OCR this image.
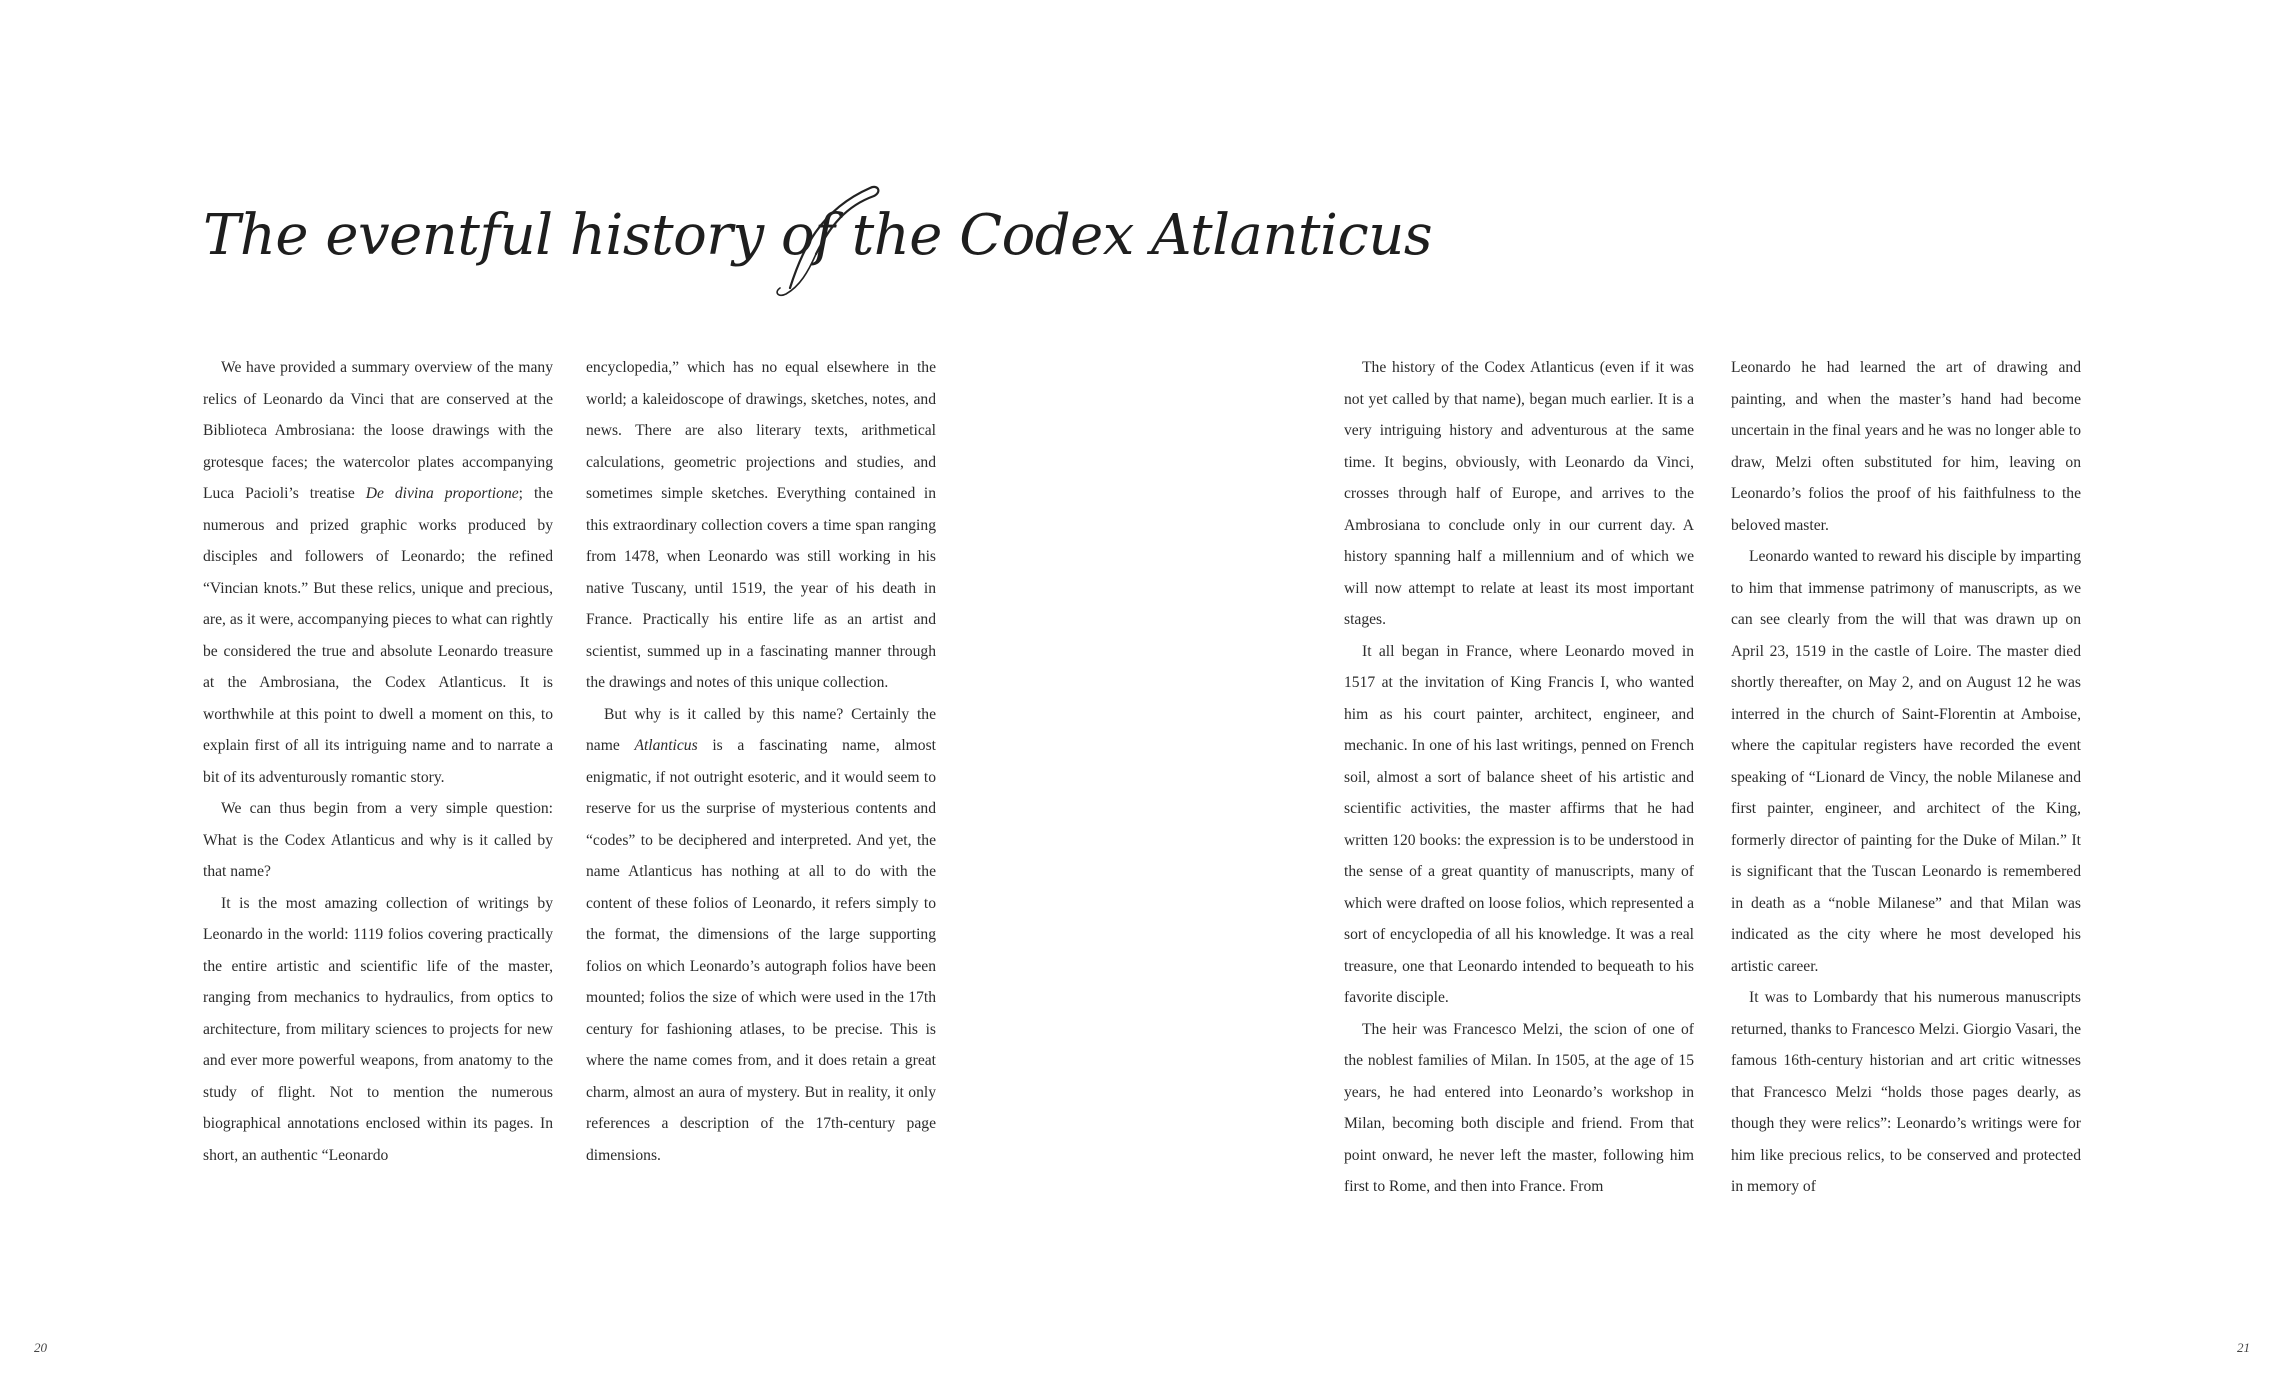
The eventful history of the Codex Atlanticus

We have provided a summary overview of the many relics of Leonardo da Vinci that are conserved at the Biblioteca Ambrosiana: the loose drawings with the grotesque faces; the watercolor plates accompanying Luca Pacioli’s treatise De divina proportione; the numerous and prized graphic works produced by disciples and followers of Leonardo; the refined “Vincian knots.” But these relics, unique and precious, are, as it were, accompanying pieces to what can rightly be considered the true and absolute Leonardo treasure at the Ambrosiana, the Codex Atlanticus. It is worthwhile at this point to dwell a moment on this, to explain first of all its intriguing name and to narrate a bit of its adventurously romantic story.

We can thus begin from a very simple question: What is the Codex Atlanticus and why is it called by that name?

It is the most amazing collection of writings by Leonardo in the world: 1119 folios covering practically the entire artistic and scientific life of the master, ranging from mechanics to hydraulics, from optics to architecture, from military sciences to projects for new and ever more powerful weapons, from anatomy to the study of flight. Not to mention the numerous biographical annotations enclosed within its pages. In short, an authentic “Leonardo

encyclopedia,” which has no equal elsewhere in the world; a kaleidoscope of drawings, sketches, notes, and news. There are also literary texts, arithmetical calculations, geometric projections and studies, and sometimes simple sketches. Everything contained in this extraordinary collection covers a time span ranging from 1478, when Leonardo was still working in his native Tuscany, until 1519, the year of his death in France. Practically his entire life as an artist and scientist, summed up in a fascinating manner through the drawings and notes of this unique collection.

But why is it called by this name? Certainly the name Atlanticus is a fascinating name, almost enigmatic, if not outright esoteric, and it would seem to reserve for us the surprise of mysterious contents and “codes” to be deciphered and interpreted. And yet, the name Atlanticus has nothing at all to do with the content of these folios of Leonardo, it refers simply to the format, the dimensions of the large supporting folios on which Leonardo’s autograph folios have been mounted; folios the size of which were used in the 17th century for fashioning atlases, to be precise. This is where the name comes from, and it does retain a great charm, almost an aura of mystery. But in reality, it only references a description of the 17th-century page dimensions.

The history of the Codex Atlanticus (even if it was not yet called by that name), began much earlier. It is a very intriguing history and adventurous at the same time. It begins, obviously, with Leonardo da Vinci, crosses through half of Europe, and arrives to the Ambrosiana to conclude only in our current day. A history spanning half a millennium and of which we will now attempt to relate at least its most important stages.

It all began in France, where Leonardo moved in 1517 at the invitation of King Francis I, who wanted him as his court painter, architect, engineer, and mechanic. In one of his last writings, penned on French soil, almost a sort of balance sheet of his artistic and scientific activities, the master affirms that he had written 120 books: the expression is to be understood in the sense of a great quantity of manuscripts, many of which were drafted on loose folios, which represented a sort of encyclopedia of all his knowledge. It was a real treasure, one that Leonardo intended to bequeath to his favorite disciple.

The heir was Francesco Melzi, the scion of one of the noblest families of Milan. In 1505, at the age of 15 years, he had entered into Leonardo’s workshop in Milan, becoming both disciple and friend. From that point onward, he never left the master, following him first to Rome, and then into France. From

Leonardo he had learned the art of drawing and painting, and when the master’s hand had become uncertain in the final years and he was no longer able to draw, Melzi often substituted for him, leaving on Leonardo’s folios the proof of his faithfulness to the beloved master.

Leonardo wanted to reward his disciple by imparting to him that immense patrimony of manuscripts, as we can see clearly from the will that was drawn up on April 23, 1519 in the castle of Loire. The master died shortly thereafter, on May 2, and on August 12 he was interred in the church of Saint-Florentin at Amboise, where the capitular registers have recorded the event speaking of “Lionard de Vincy, the noble Milanese and first painter, engineer, and architect of the King, formerly director of painting for the Duke of Milan.” It is significant that the Tuscan Leonardo is remembered in death as a “noble Milanese” and that Milan was indicated as the city where he most developed his artistic career.

It was to Lombardy that his numerous manuscripts returned, thanks to Francesco Melzi. Giorgio Vasari, the famous 16th-century historian and art critic witnesses that Francesco Melzi “holds those pages dearly, as though they were relics”: Leonardo’s writings were for him like precious relics, to be conserved and protected in memory of

20	21
